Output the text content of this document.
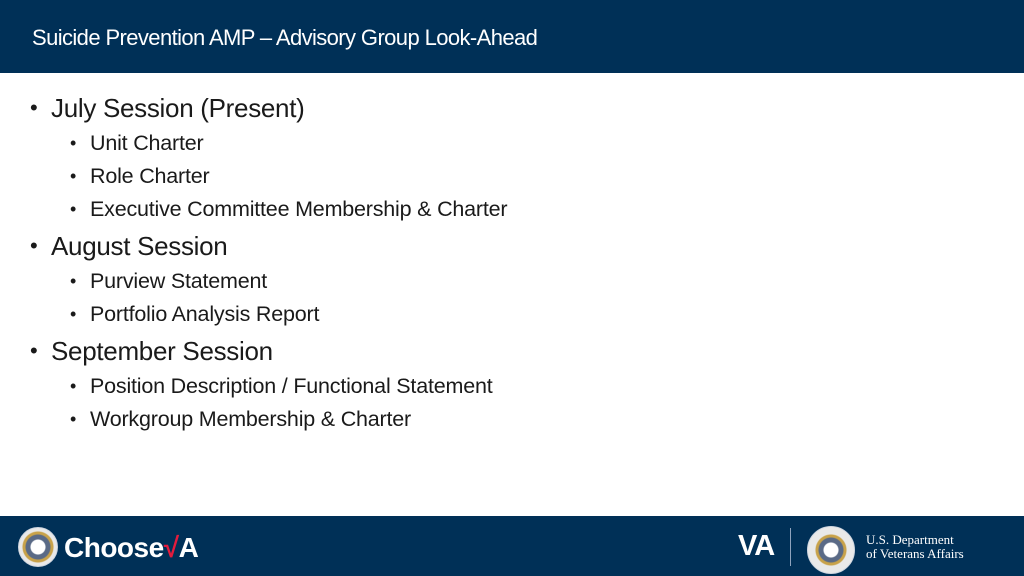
Suicide Prevention AMP – Advisory Group Look-Ahead
• July Session (Present)
• Unit Charter
• Role Charter
• Executive Committee Membership & Charter
• August Session
• Purview Statement
• Portfolio Analysis Report
• September Session
• Position Description / Functional Statement
• Workgroup Membership & Charter
Choose√A	VA	U.S. Department
of Veterans Affairs
